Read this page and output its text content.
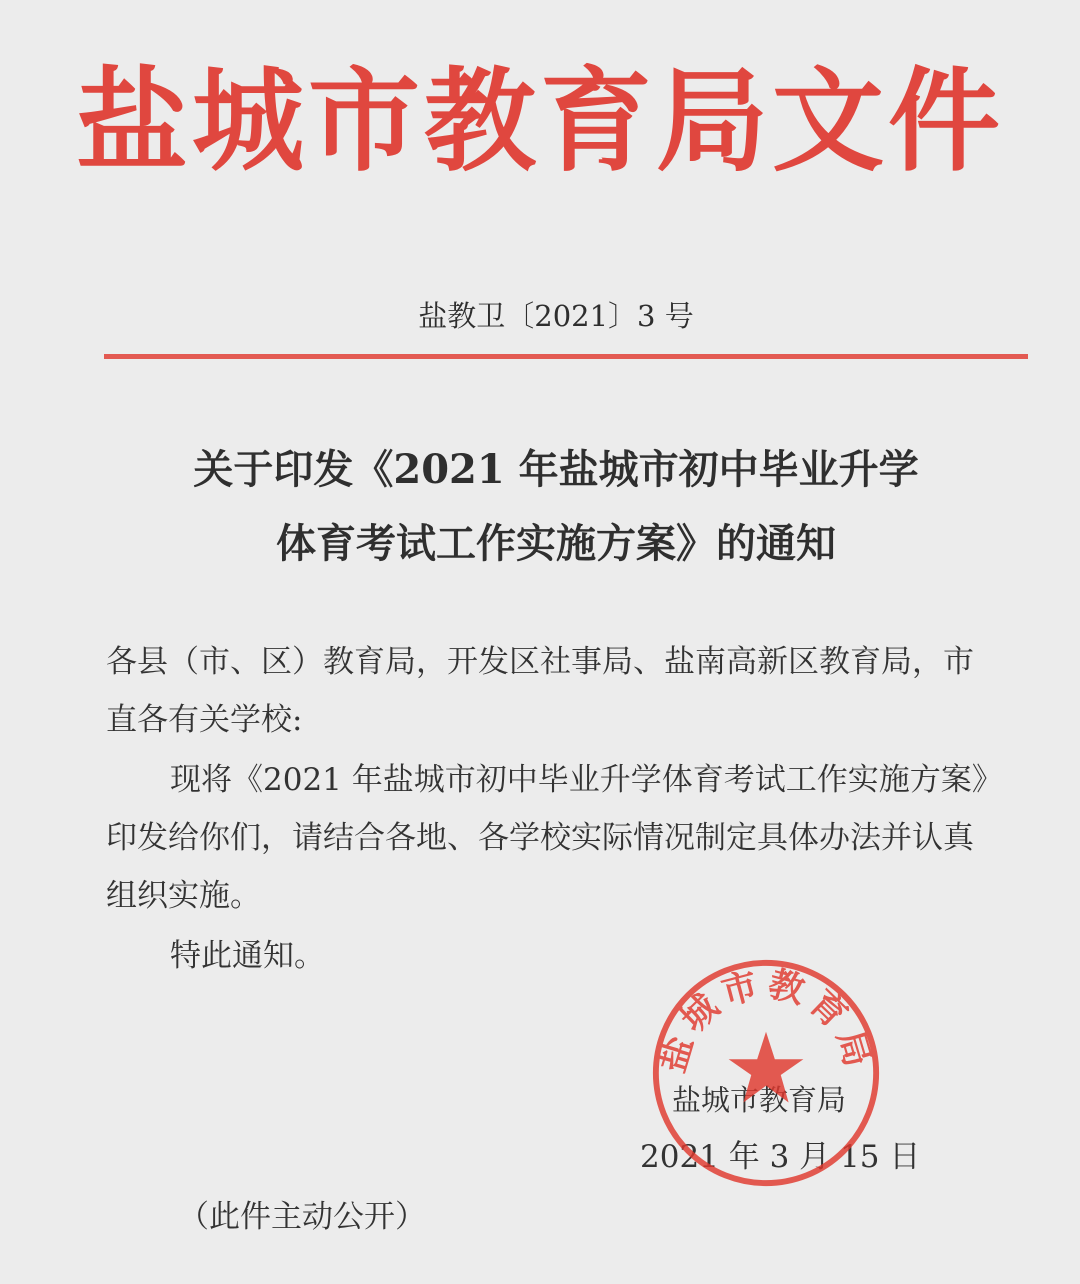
盐城市教育局文件
盐教卫〔2021〕3 号
关于印发《2021 年盐城市初中毕业升学
体育考试工作实施方案》的通知
各县（市、区）教育局，开发区社事局、盐南高新区教育局，市
直各有关学校:
现将《2021 年盐城市初中毕业升学体育考试工作实施方案》
印发给你们，请结合各地、各学校实际情况制定具体办法并认真
组织实施。
特此通知。
盐城市教育局
2021 年 3 月 15 日
盐城市教育局
（此件主动公开）
